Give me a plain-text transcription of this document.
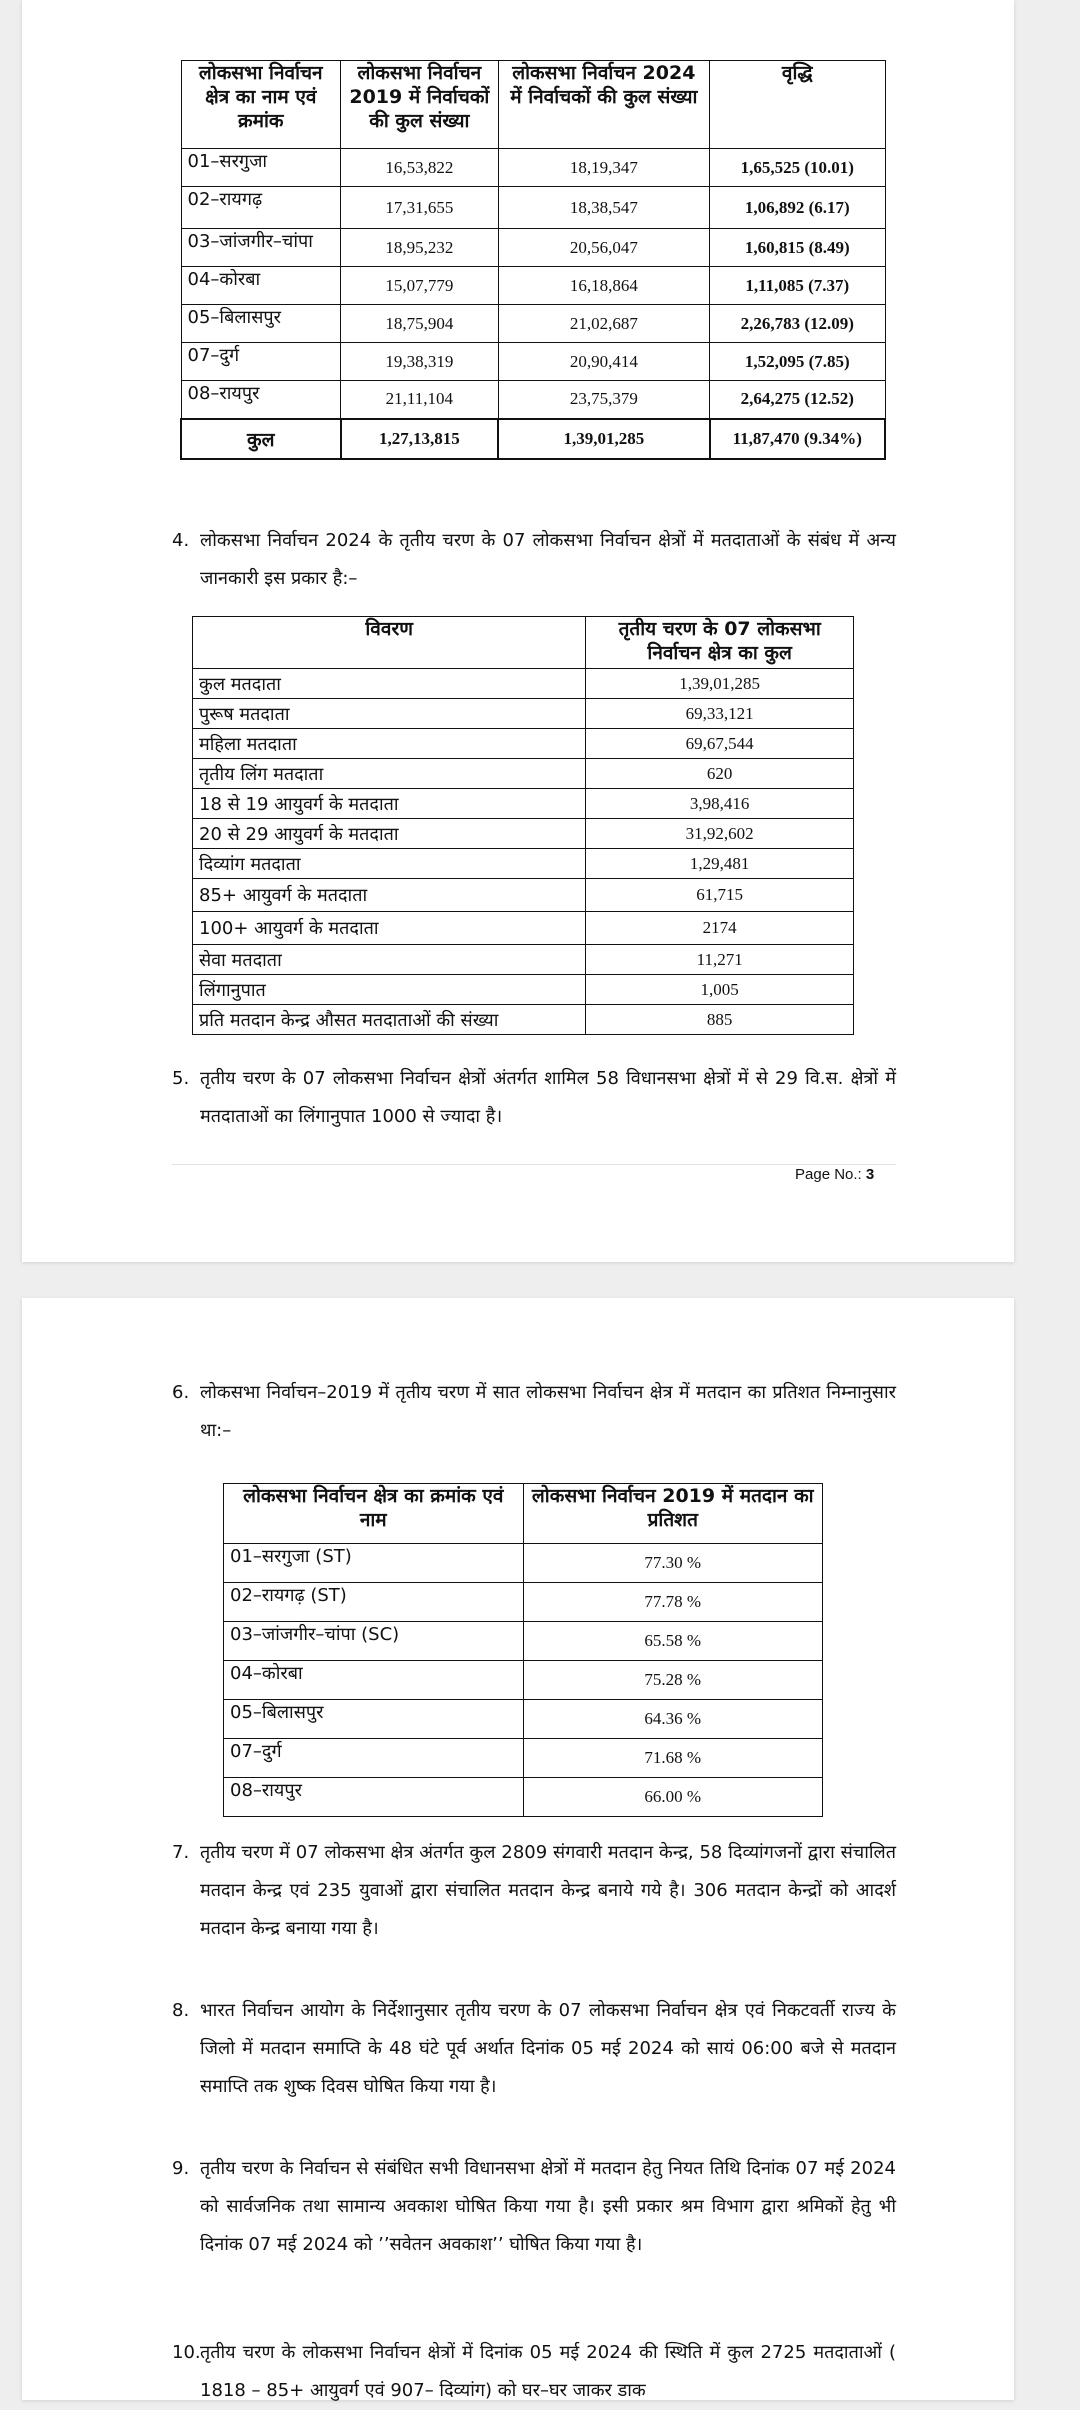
लोकसभा निर्वाचन क्षेत्र का नाम एवं क्रमांक	लोकसभा निर्वाचन 2019 में निर्वाचकों की कुल संख्या	लोकसभा निर्वाचन 2024 में निर्वाचकों की कुल संख्या	वृद्धि
01–सरगुजा	16,53,822	18,19,347	1,65,525 (10.01)
02–रायगढ़	17,31,655	18,38,547	1,06,892 (6.17)
03–जांजगीर–चांपा	18,95,232	20,56,047	1,60,815 (8.49)
04–कोरबा	15,07,779	16,18,864	1,11,085 (7.37)
05–बिलासपुर	18,75,904	21,02,687	2,26,783 (12.09)
07–दुर्ग	19,38,319	20,90,414	1,52,095 (7.85)
08–रायपुर	21,11,104	23,75,379	2,64,275 (12.52)
कुल	1,27,13,815	1,39,01,285	11,87,470 (9.34%)
4. लोकसभा निर्वाचन 2024 के तृतीय चरण के 07 लोकसभा निर्वाचन क्षेत्रों में मतदाताओं के संबंध में अन्य जानकारी इस प्रकार है:–
विवरण	तृतीय चरण के 07 लोकसभा निर्वाचन क्षेत्र का कुल
कुल मतदाता	1,39,01,285
पुरूष मतदाता	69,33,121
महिला मतदाता	69,67,544
तृतीय लिंग मतदाता	620
18 से 19 आयुवर्ग के मतदाता	3,98,416
20 से 29 आयुवर्ग के मतदाता	31,92,602
दिव्यांग मतदाता	1,29,481
85+ आयुवर्ग के मतदाता	61,715
100+ आयुवर्ग के मतदाता	2174
सेवा मतदाता	11,271
लिंगानुपात	1,005
प्रति मतदान केन्द्र औसत मतदाताओं की संख्या	885
5. तृतीय चरण के 07 लोकसभा निर्वाचन क्षेत्रों अंतर्गत शामिल 58 विधानसभा क्षेत्रों में से 29 वि.स. क्षेत्रों में मतदाताओं का लिंगानुपात 1000 से ज्यादा है।
Page No.: 3
6. लोकसभा निर्वाचन–2019 में तृतीय चरण में सात लोकसभा निर्वाचन क्षेत्र में मतदान का प्रतिशत निम्नानुसार था:–
लोकसभा निर्वाचन क्षेत्र का क्रमांक एवं नाम	लोकसभा निर्वाचन 2019 में मतदान का प्रतिशत
01–सरगुजा (ST)	77.30 %
02–रायगढ़ (ST)	77.78 %
03–जांजगीर–चांपा (SC)	65.58 %
04–कोरबा	75.28 %
05–बिलासपुर	64.36 %
07–दुर्ग	71.68 %
08–रायपुर	66.00 %
7. तृतीय चरण में 07 लोकसभा क्षेत्र अंतर्गत कुल 2809 संगवारी मतदान केन्द्र, 58 दिव्यांगजनों द्वारा संचालित मतदान केन्द्र एवं 235 युवाओं द्वारा संचालित मतदान केन्द्र बनाये गये है। 306 मतदान केन्द्रों को आदर्श मतदान केन्द्र बनाया गया है।
8. भारत निर्वाचन आयोग के निर्देशानुसार तृतीय चरण के 07 लोकसभा निर्वाचन क्षेत्र एवं निकटवर्ती राज्य के जिलो में मतदान समाप्ति के 48 घंटे पूर्व अर्थात दिनांक 05 मई 2024 को सायं 06:00 बजे से मतदान समाप्ति तक शुष्क दिवस घोषित किया गया है।
9. तृतीय चरण के निर्वाचन से संबंधित सभी विधानसभा क्षेत्रों में मतदान हेतु नियत तिथि दिनांक 07 मई 2024 को सार्वजनिक तथा सामान्य अवकाश घोषित किया गया है। इसी प्रकार श्रम विभाग द्वारा श्रमिकों हेतु भी दिनांक 07 मई 2024 को ’’सवेतन अवकाश’’ घोषित किया गया है।
10. तृतीय चरण के लोकसभा निर्वाचन क्षेत्रों में दिनांक 05 मई 2024 की स्थिति में कुल 2725 मतदाताओं ( 1818 – 85+ आयुवर्ग एवं 907– दिव्यांग) को घर–घर जाकर डाक
